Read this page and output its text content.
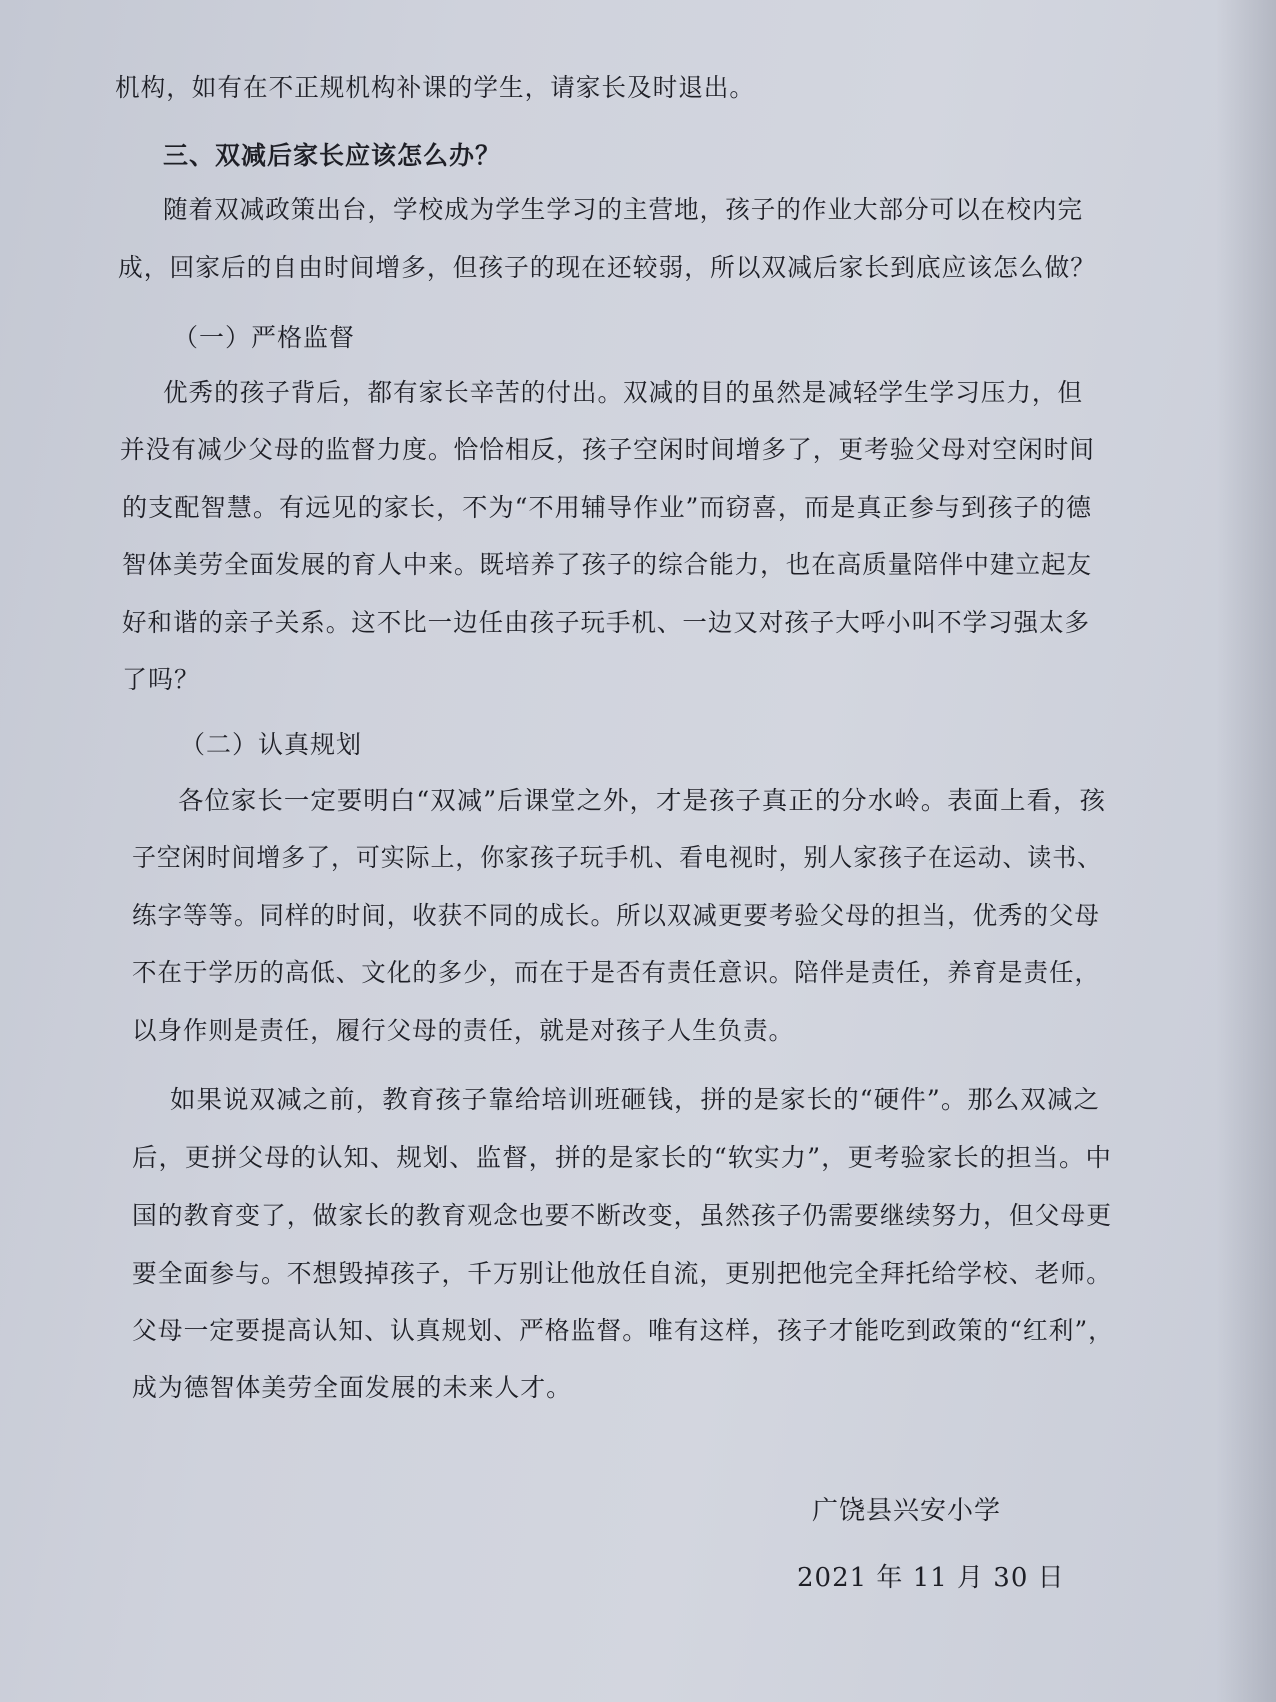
机构，如有在不正规机构补课的学生，请家长及时退出。

三、双减后家长应该怎么办？

随着双减政策出台，学校成为学生学习的主营地，孩子的作业大部分可以在校内完

成，回家后的自由时间增多，但孩子的现在还较弱，所以双减后家长到底应该怎么做？

（一）严格监督

优秀的孩子背后，都有家长辛苦的付出。双减的目的虽然是减轻学生学习压力，但

并没有减少父母的监督力度。恰恰相反，孩子空闲时间增多了，更考验父母对空闲时间

的支配智慧。有远见的家长，不为“不用辅导作业”而窃喜，而是真正参与到孩子的德

智体美劳全面发展的育人中来。既培养了孩子的综合能力，也在高质量陪伴中建立起友

好和谐的亲子关系。这不比一边任由孩子玩手机、一边又对孩子大呼小叫不学习强太多

了吗？

（二）认真规划

各位家长一定要明白“双减”后课堂之外，才是孩子真正的分水岭。表面上看，孩

子空闲时间增多了，可实际上，你家孩子玩手机、看电视时，别人家孩子在运动、读书、

练字等等。同样的时间，收获不同的成长。所以双减更要考验父母的担当，优秀的父母

不在于学历的高低、文化的多少，而在于是否有责任意识。陪伴是责任，养育是责任，

以身作则是责任，履行父母的责任，就是对孩子人生负责。

如果说双减之前，教育孩子靠给培训班砸钱，拼的是家长的“硬件”。那么双减之

后，更拼父母的认知、规划、监督，拼的是家长的“软实力”，更考验家长的担当。中

国的教育变了，做家长的教育观念也要不断改变，虽然孩子仍需要继续努力，但父母更

要全面参与。不想毁掉孩子，千万别让他放任自流，更别把他完全拜托给学校、老师。

父母一定要提高认知、认真规划、严格监督。唯有这样，孩子才能吃到政策的“红利”，

成为德智体美劳全面发展的未来人才。

广饶县兴安小学

2021 年 11 月 30 日
